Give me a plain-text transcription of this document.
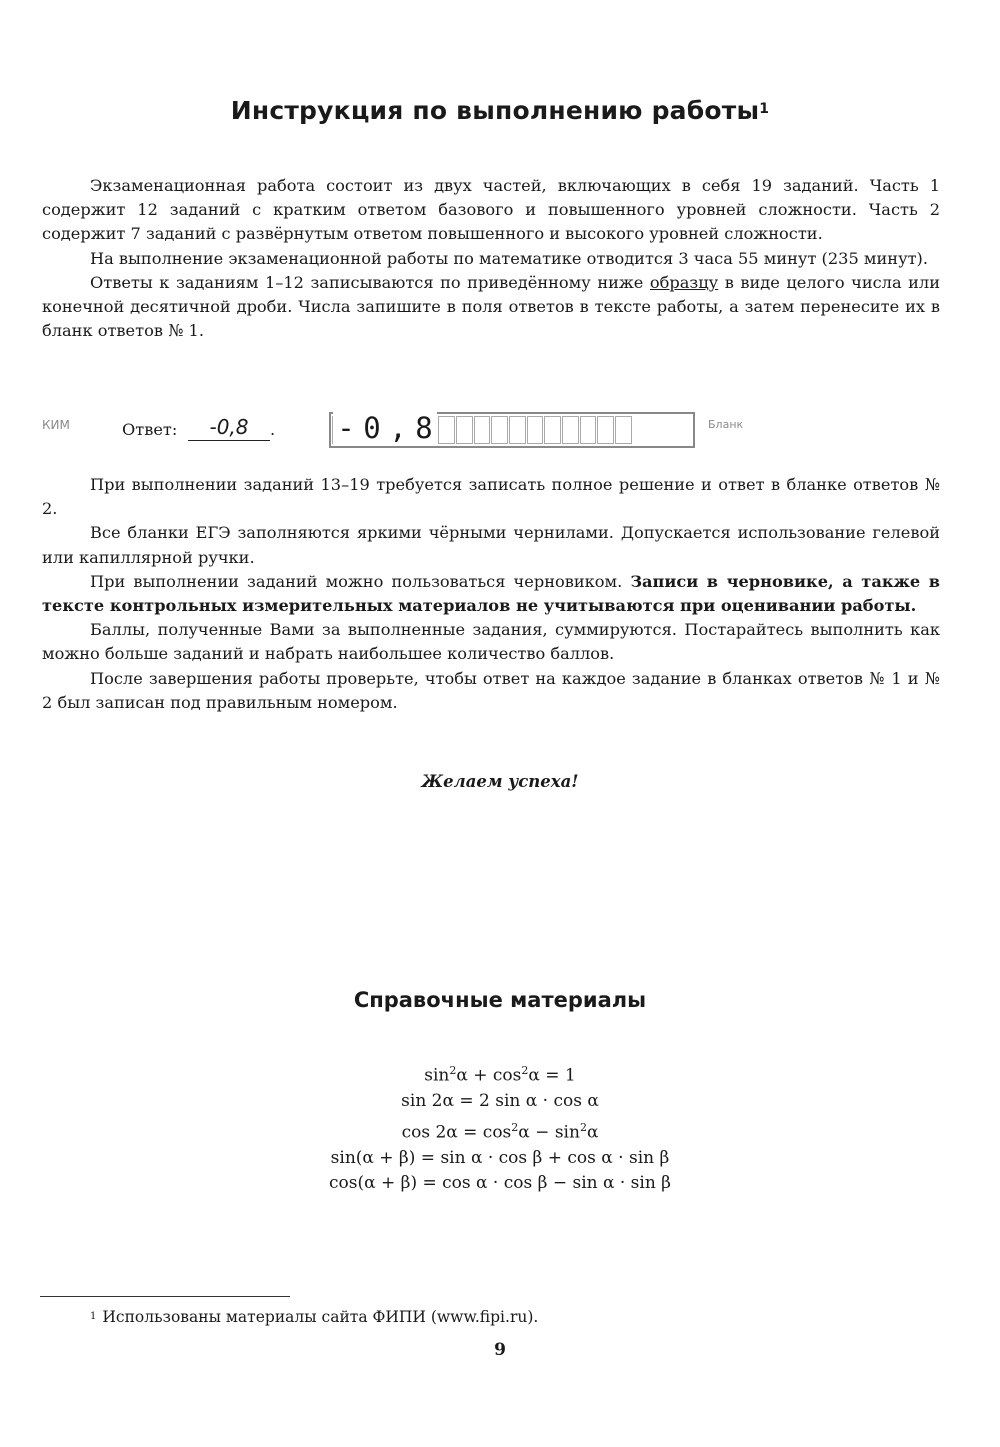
Инструкция по выполнению работы$^1$

Экзаменационная работа состоит из двух частей, включающих в себя 19 заданий. Часть 1 содержит 12 заданий с кратким ответом базового и повышенного уровней сложности. Часть 2 содержит 7 заданий с развёрнутым ответом повышенного и высокого уровней сложности.

На выполнение экзаменационной работы по математике отводится 3 часа 55 минут (235 минут).

Ответы к заданиям 1–12 записываются по приведённому ниже образцу в виде целого числа или конечной десятичной дроби. Числа запишите в поля ответов в тексте работы, а затем перенесите их в бланк ответов № 1.

КИМ	Ответ:	-0,8	. - 0 , 8	Бланк

При выполнении заданий 13–19 требуется записать полное решение и ответ в бланке ответов № 2.

Все бланки ЕГЭ заполняются яркими чёрными чернилами. Допускается использование гелевой или капиллярной ручки.

При выполнении заданий можно пользоваться черновиком. Записи в черновике, а также в тексте контрольных измерительных материалов не учитываются при оценивании работы.

Баллы, полученные Вами за выполненные задания, суммируются. Постарайтесь выполнить как можно больше заданий и набрать наибольшее количество баллов.

После завершения работы проверьте, чтобы ответ на каждое задание в бланках ответов № 1 и № 2 был записан под правильным номером.

Желаем успеха!
Справочные материалы
$\sin^2\alpha + \cos^2\alpha = 1$
sin 2α = 2 sin α · cos α
$\cos 2\alpha = \cos^2\alpha - \sin^2\alpha$
sin(α + β) = sin α · cos β + cos α · sin β
cos(α + β) = cos α · cos β − sin α · sin β
$^1$ Использованы материалы сайта ФИПИ (www.fipi.ru).
9
